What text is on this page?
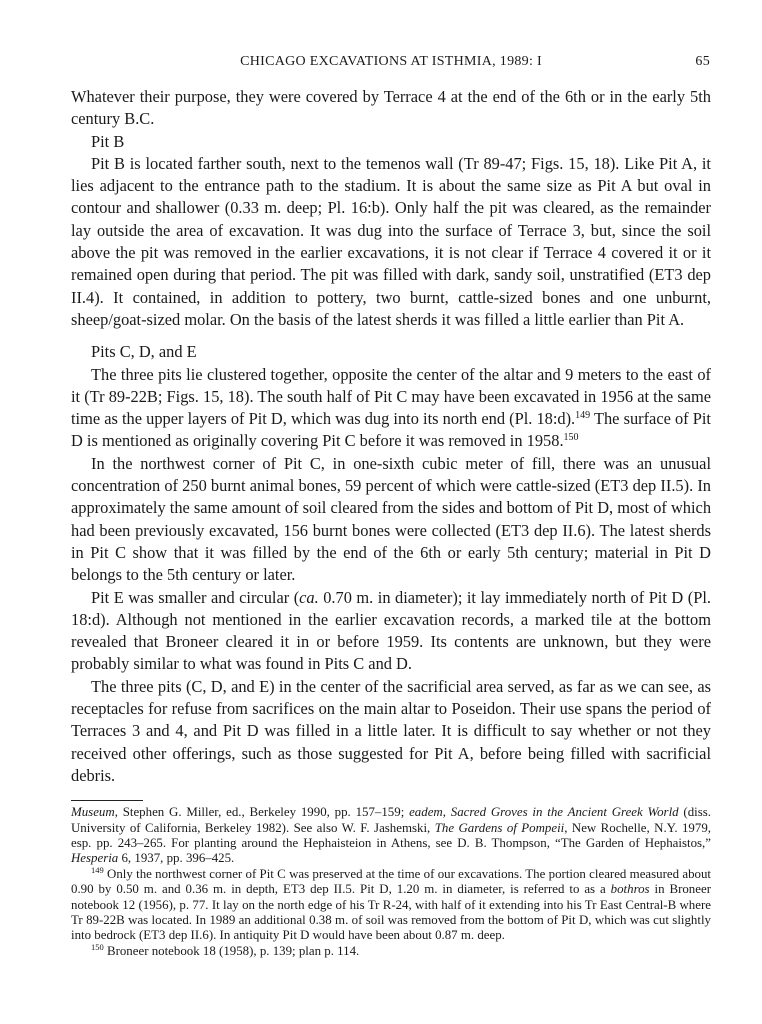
CHICAGO EXCAVATIONS AT ISTHMIA, 1989: I	65

Whatever their purpose, they were covered by Terrace 4 at the end of the 6th or in the early 5th century B.C.

Pit B

Pit B is located farther south, next to the temenos wall (Tr 89-47; Figs. 15, 18). Like Pit A, it lies adjacent to the entrance path to the stadium. It is about the same size as Pit A but oval in contour and shallower (0.33 m. deep; Pl. 16:b). Only half the pit was cleared, as the remainder lay outside the area of excavation. It was dug into the surface of Terrace 3, but, since the soil above the pit was removed in the earlier excavations, it is not clear if Terrace 4 covered it or it remained open during that period. The pit was filled with dark, sandy soil, unstratified (ET3 dep II.4). It contained, in addition to pottery, two burnt, cattle-sized bones and one unburnt, sheep/goat-sized molar. On the basis of the latest sherds it was filled a little earlier than Pit A.

Pits C, D, and E

The three pits lie clustered together, opposite the center of the altar and 9 meters to the east of it (Tr 89-22B; Figs. 15, 18). The south half of Pit C may have been excavated in 1956 at the same time as the upper layers of Pit D, which was dug into its north end (Pl. 18:d).$^{149}$ The surface of Pit D is mentioned as originally covering Pit C before it was removed in 1958.$^{150}$

In the northwest corner of Pit C, in one-sixth cubic meter of fill, there was an unusual concentration of 250 burnt animal bones, 59 percent of which were cattle-sized (ET3 dep II.5). In approximately the same amount of soil cleared from the sides and bottom of Pit D, most of which had been previously excavated, 156 burnt bones were collected (ET3 dep II.6). The latest sherds in Pit C show that it was filled by the end of the 6th or early 5th century; material in Pit D belongs to the 5th century or later.

Pit E was smaller and circular (ca. 0.70 m. in diameter); it lay immediately north of Pit D (Pl. 18:d). Although not mentioned in the earlier excavation records, a marked tile at the bottom revealed that Broneer cleared it in or before 1959. Its contents are unknown, but they were probably similar to what was found in Pits C and D.

The three pits (C, D, and E) in the center of the sacrificial area served, as far as we can see, as receptacles for refuse from sacrifices on the main altar to Poseidon. Their use spans the period of Terraces 3 and 4, and Pit D was filled in a little later. It is difficult to say whether or not they received other offerings, such as those suggested for Pit A, before being filled with sacrificial debris.

Museum, Stephen G. Miller, ed., Berkeley 1990, pp. 157–159; eadem, Sacred Groves in the Ancient Greek World (diss. University of California, Berkeley 1982). See also W. F. Jashemski, The Gardens of Pompeii, New Rochelle, N.Y. 1979, esp. pp. 243–265. For planting around the Hephaisteion in Athens, see D. B. Thompson, “The Garden of Hephaistos,” Hesperia 6, 1937, pp. 396–425.

$^{149}$ Only the northwest corner of Pit C was preserved at the time of our excavations. The portion cleared measured about 0.90 by 0.50 m. and 0.36 m. in depth, ET3 dep II.5. Pit D, 1.20 m. in diameter, is referred to as a bothros in Broneer notebook 12 (1956), p. 77. It lay on the north edge of his Tr R-24, with half of it extending into his Tr East Central-B where Tr 89-22B was located. In 1989 an additional 0.38 m. of soil was removed from the bottom of Pit D, which was cut slightly into bedrock (ET3 dep II.6). In antiquity Pit D would have been about 0.87 m. deep.

$^{150}$ Broneer notebook 18 (1958), p. 139; plan p. 114.
